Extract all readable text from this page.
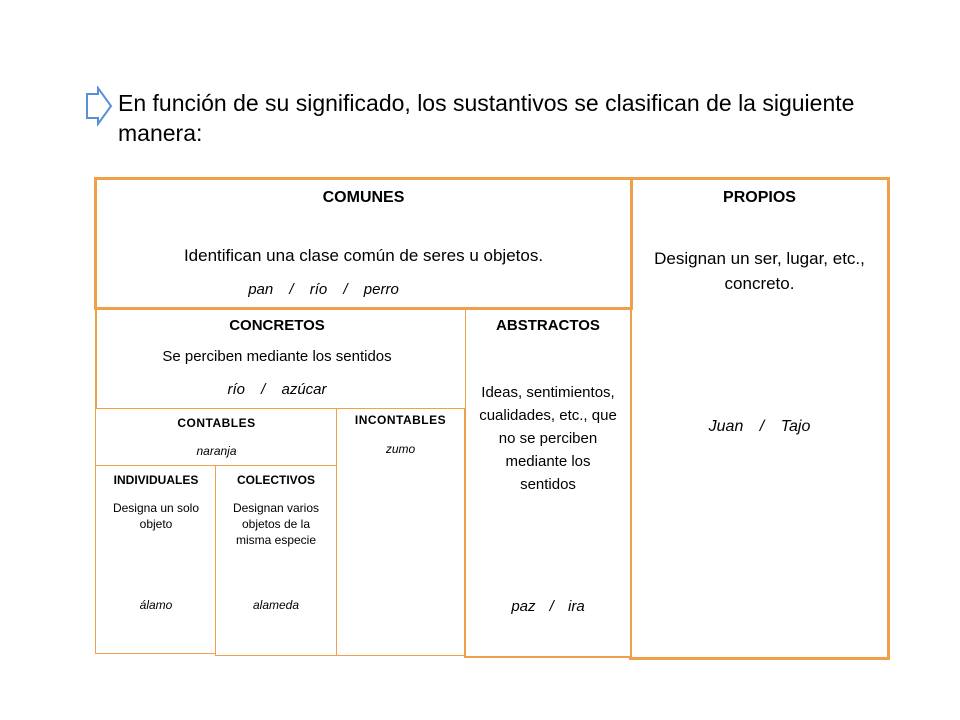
En función de su significado, los sustantivos se clasifican de la siguiente manera:
PROPIOS
Designan un ser, lugar, etc., concreto.
Juan / Tajo
ABSTRACTOS
Ideas, sentimientos, cualidades, etc., que no se perciben mediante los sentidos
paz / ira
CONCRETOS
Se perciben mediante los sentidos
río / azúcar
CONTABLES
naranja
INCONTABLES
zumo
INDIVIDUALES
Designa un solo objeto
álamo
COLECTIVOS
Designan varios objetos de la misma especie
alameda
COMUNES
Identifican una clase común de seres u objetos.
pan / río / perro
